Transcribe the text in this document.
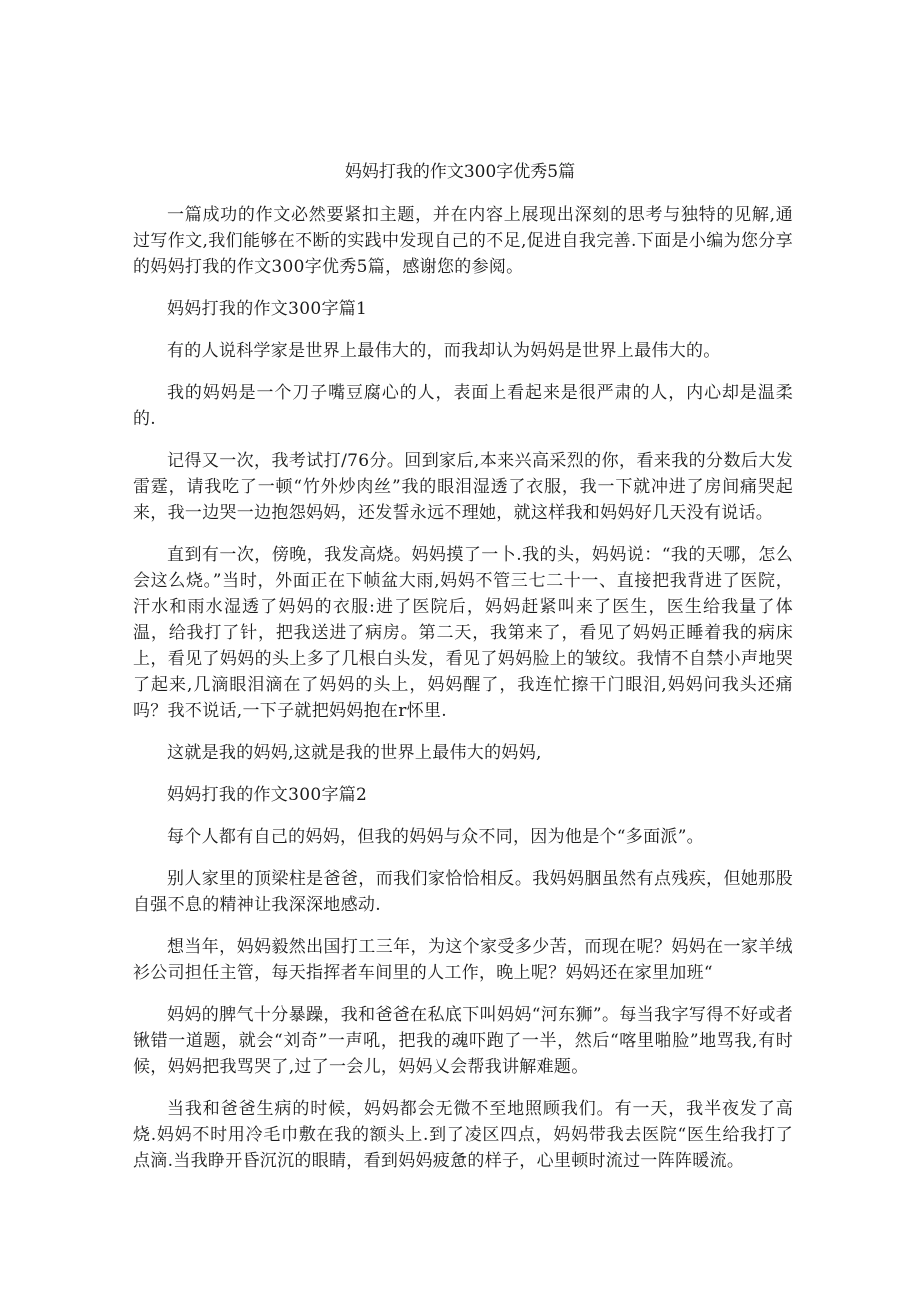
妈妈打我的作文300字优秀5篇

一篇成功的作文必然要紧扣主题，并在内容上展现出深刻的思考与独特的见解,通过写作文,我们能够在不断的实践中发现自己的不足,促进自我完善.下面是小编为您分享的妈妈打我的作文300字优秀5篇，感谢您的参阅。

妈妈打我的作文300字篇1

有的人说科学家是世界上最伟大的，而我却认为妈妈是世界上最伟大的。

我的妈妈是一个刀子嘴豆腐心的人，表面上看起来是很严肃的人，内心却是温柔的.

记得又一次，我考试打/76分。回到家后,本来兴高采烈的你，看来我的分数后大发雷霆，请我吃了一顿“竹外炒肉丝”我的眼泪湿透了衣服，我一下就冲进了房间痛哭起来，我一边哭一边抱怨妈妈，还发誓永远不理她，就这样我和妈妈好几天没有说话。

直到有一次，傍晚，我发高烧。妈妈摸了一卜.我的头，妈妈说：“我的天哪，怎么会这么烧。”当时，外面正在下帧盆大雨,妈妈不管三七二十一、直接把我背进了医院，汗水和雨水湿透了妈妈的衣服:进了医院后，妈妈赶紧叫来了医生，医生给我量了体温，给我打了针，把我送进了病房。第二天，我第来了，看见了妈妈正睡着我的病床上，看见了妈妈的头上多了几根白头发，看见了妈妈脸上的皱纹。我情不自禁小声地哭了起来,几滴眼泪滴在了妈妈的头上，妈妈醒了，我连忙擦干门眼泪,妈妈问我头还痛吗？我不说话,一下子就把妈妈抱在r怀里.

这就是我的妈妈,这就是我的世界上最伟大的妈妈,

妈妈打我的作文300字篇2

每个人都有自己的妈妈，但我的妈妈与众不同，因为他是个“多面派”。

别人家里的顶梁柱是爸爸，而我们家恰恰相反。我妈妈胭虽然有点残疾，但她那股自强不息的精神让我深深地感动.

想当年，妈妈毅然出国打工三年，为这个家受多少苦，而现在呢？妈妈在一家羊绒衫公司担任主管，每天指挥者车间里的人工作，晚上呢？妈妈还在家里加班“

妈妈的脾气十分暴躁，我和爸爸在私底下叫妈妈“河东狮”。每当我字写得不好或者锹错一道题，就会“刘奇”一声吼，把我的魂吓跑了一半，然后“喀里啪脸”地骂我,有时候，妈妈把我骂哭了,过了一会儿，妈妈乂会帮我讲解难题。

当我和爸爸生病的时候，妈妈都会无微不至地照顾我们。有一天，我半夜发了高烧.妈妈不时用冷毛巾敷在我的额头上.到了凌区四点，妈妈带我去医院“医生给我打了点滴.当我睁开昏沉沉的眼睛，看到妈妈疲惫的样子，心里顿时流过一阵阵暖流。
